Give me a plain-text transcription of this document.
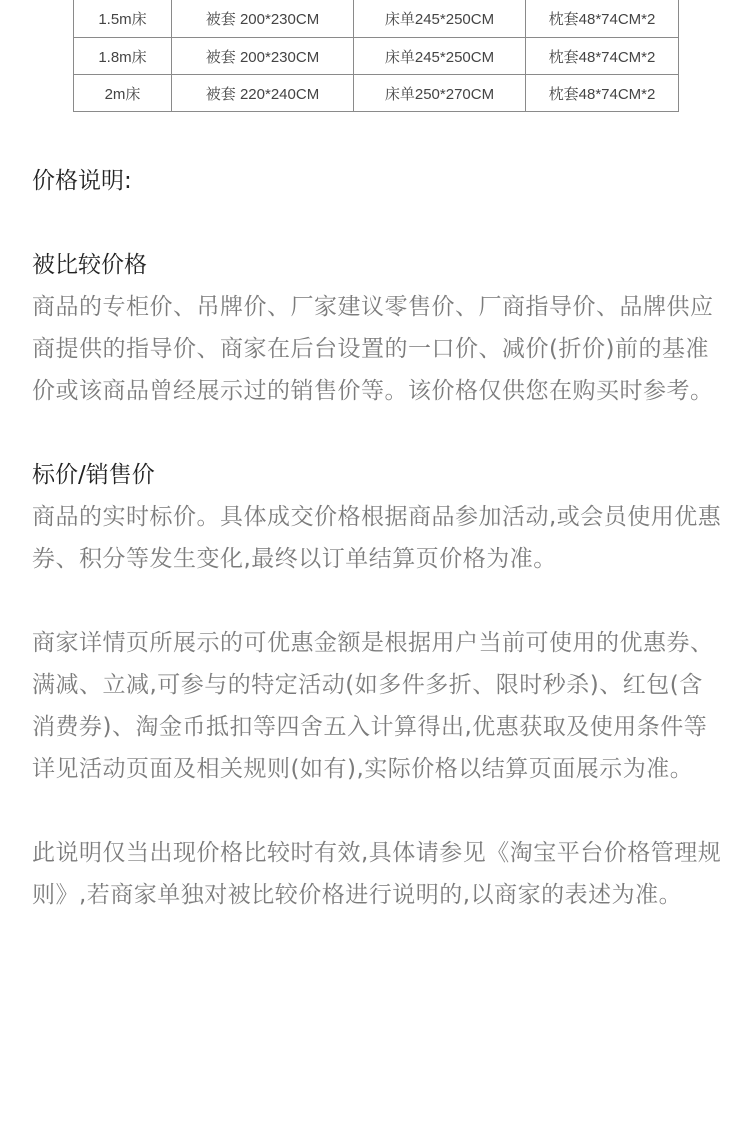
1.5m床	被套 200*230CM	床单245*250CM	枕套48*74CM*2
1.8m床	被套 200*230CM	床单245*250CM	枕套48*74CM*2
2m床	被套 220*240CM	床单250*270CM	枕套48*74CM*2

价格说明:

被比较价格

商品的专柜价、吊牌价、厂家建议零售价、厂商指导价、品牌供应商提供的指导价、商家在后台设置的一口价、减价(折价)前的基准价或该商品曾经展示过的销售价等。该价格仅供您在购买时参考。

标价/销售价

商品的实时标价。具体成交价格根据商品参加活动,或会员使用优惠券、积分等发生变化,最终以订单结算页价格为准。

商家详情页所展示的可优惠金额是根据用户当前可使用的优惠券、满减、立减,可参与的特定活动(如多件多折、限时秒杀)、红包(含消费券)、淘金币抵扣等四舍五入计算得出,优惠获取及使用条件等详见活动页面及相关规则(如有),实际价格以结算页面展示为准。

此说明仅当出现价格比较时有效,具体请参见《淘宝平台价格管理规则》,若商家单独对被比较价格进行说明的,以商家的表述为准。
